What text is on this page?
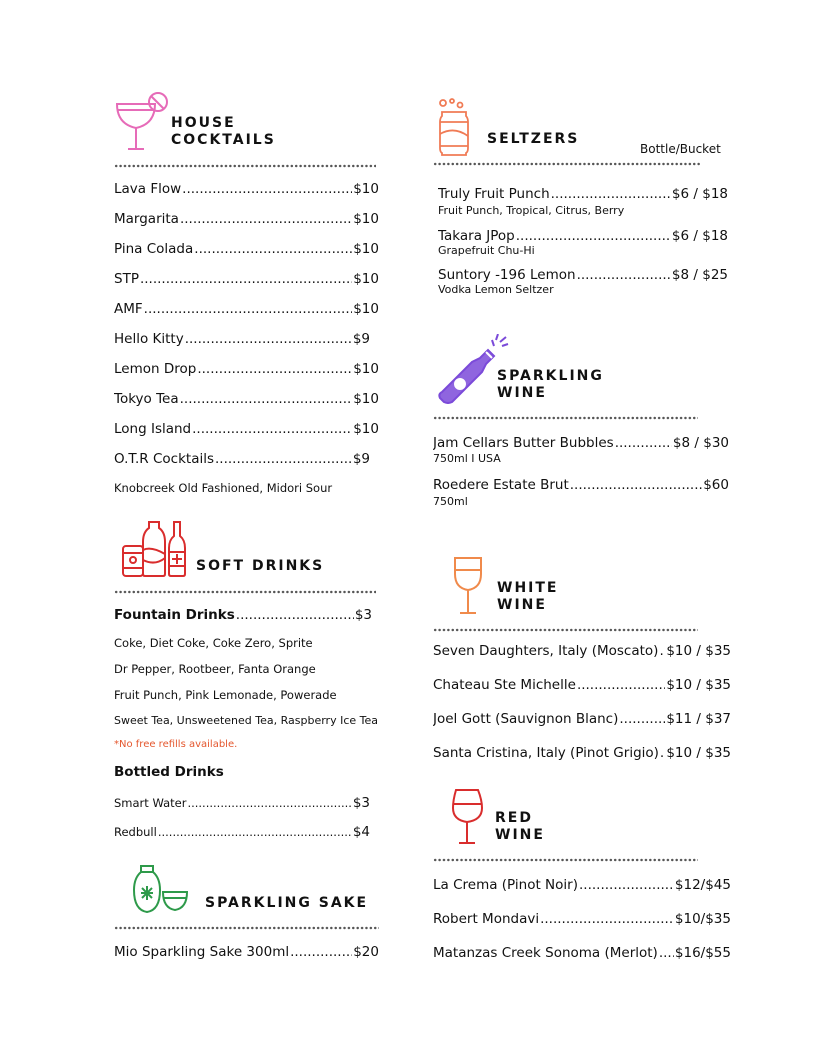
HOUSE
COCKTAILS
Lava Flow .....	$10
Margarita .....	$10
Pina Colada .....	$10
STP .....	$10
AMF .....	$10
Hello Kitty .....	$9
Lemon Drop .....	$10
Tokyo Tea .....	$10
Long Island .....	$10
O.T.R Cocktails .....	$9
Knobcreek Old Fashioned, Midori Sour
SOFT DRINKS
Fountain Drinks .....	$3
Coke, Diet Coke, Coke Zero, Sprite
Dr Pepper, Rootbeer, Fanta Orange
Fruit Punch, Pink Lemonade, Powerade
Sweet Tea, Unsweetened Tea, Raspberry Ice Tea
*No free refills available.
Bottled Drinks
Smart Water .....	$3
Redbull .....	$4
SPARKLING SAKE
Mio Sparkling Sake 300ml .....	$20
SELTZERS
Bottle/Bucket
Truly Fruit Punch .....	$6 / $18
Fruit Punch, Tropical, Citrus, Berry
Takara JPop .....	$6 / $18
Grapefruit Chu-Hi
Suntory -196 Lemon .....	$8 / $25
Vodka Lemon Seltzer
SPARKLING
WINE
Jam Cellars Butter Bubbles .....	$8 / $30
750ml I USA
Roedere Estate Brut .....	$60
750ml
WHITE
WINE
Seven Daughters, Italy (Moscato) ..... $10 / $35
Chateau Ste Michelle .....	$10 / $35
Joel Gott (Sauvignon Blanc) .....	$11 / $37
Santa Cristina, Italy (Pinot Grigio) ..... $10 / $35
RED
WINE
La Crema (Pinot Noir) .....	$12/$45
Robert Mondavi .....	$10/$35
Matanzas Creek Sonoma (Merlot) ..... $16/$55
